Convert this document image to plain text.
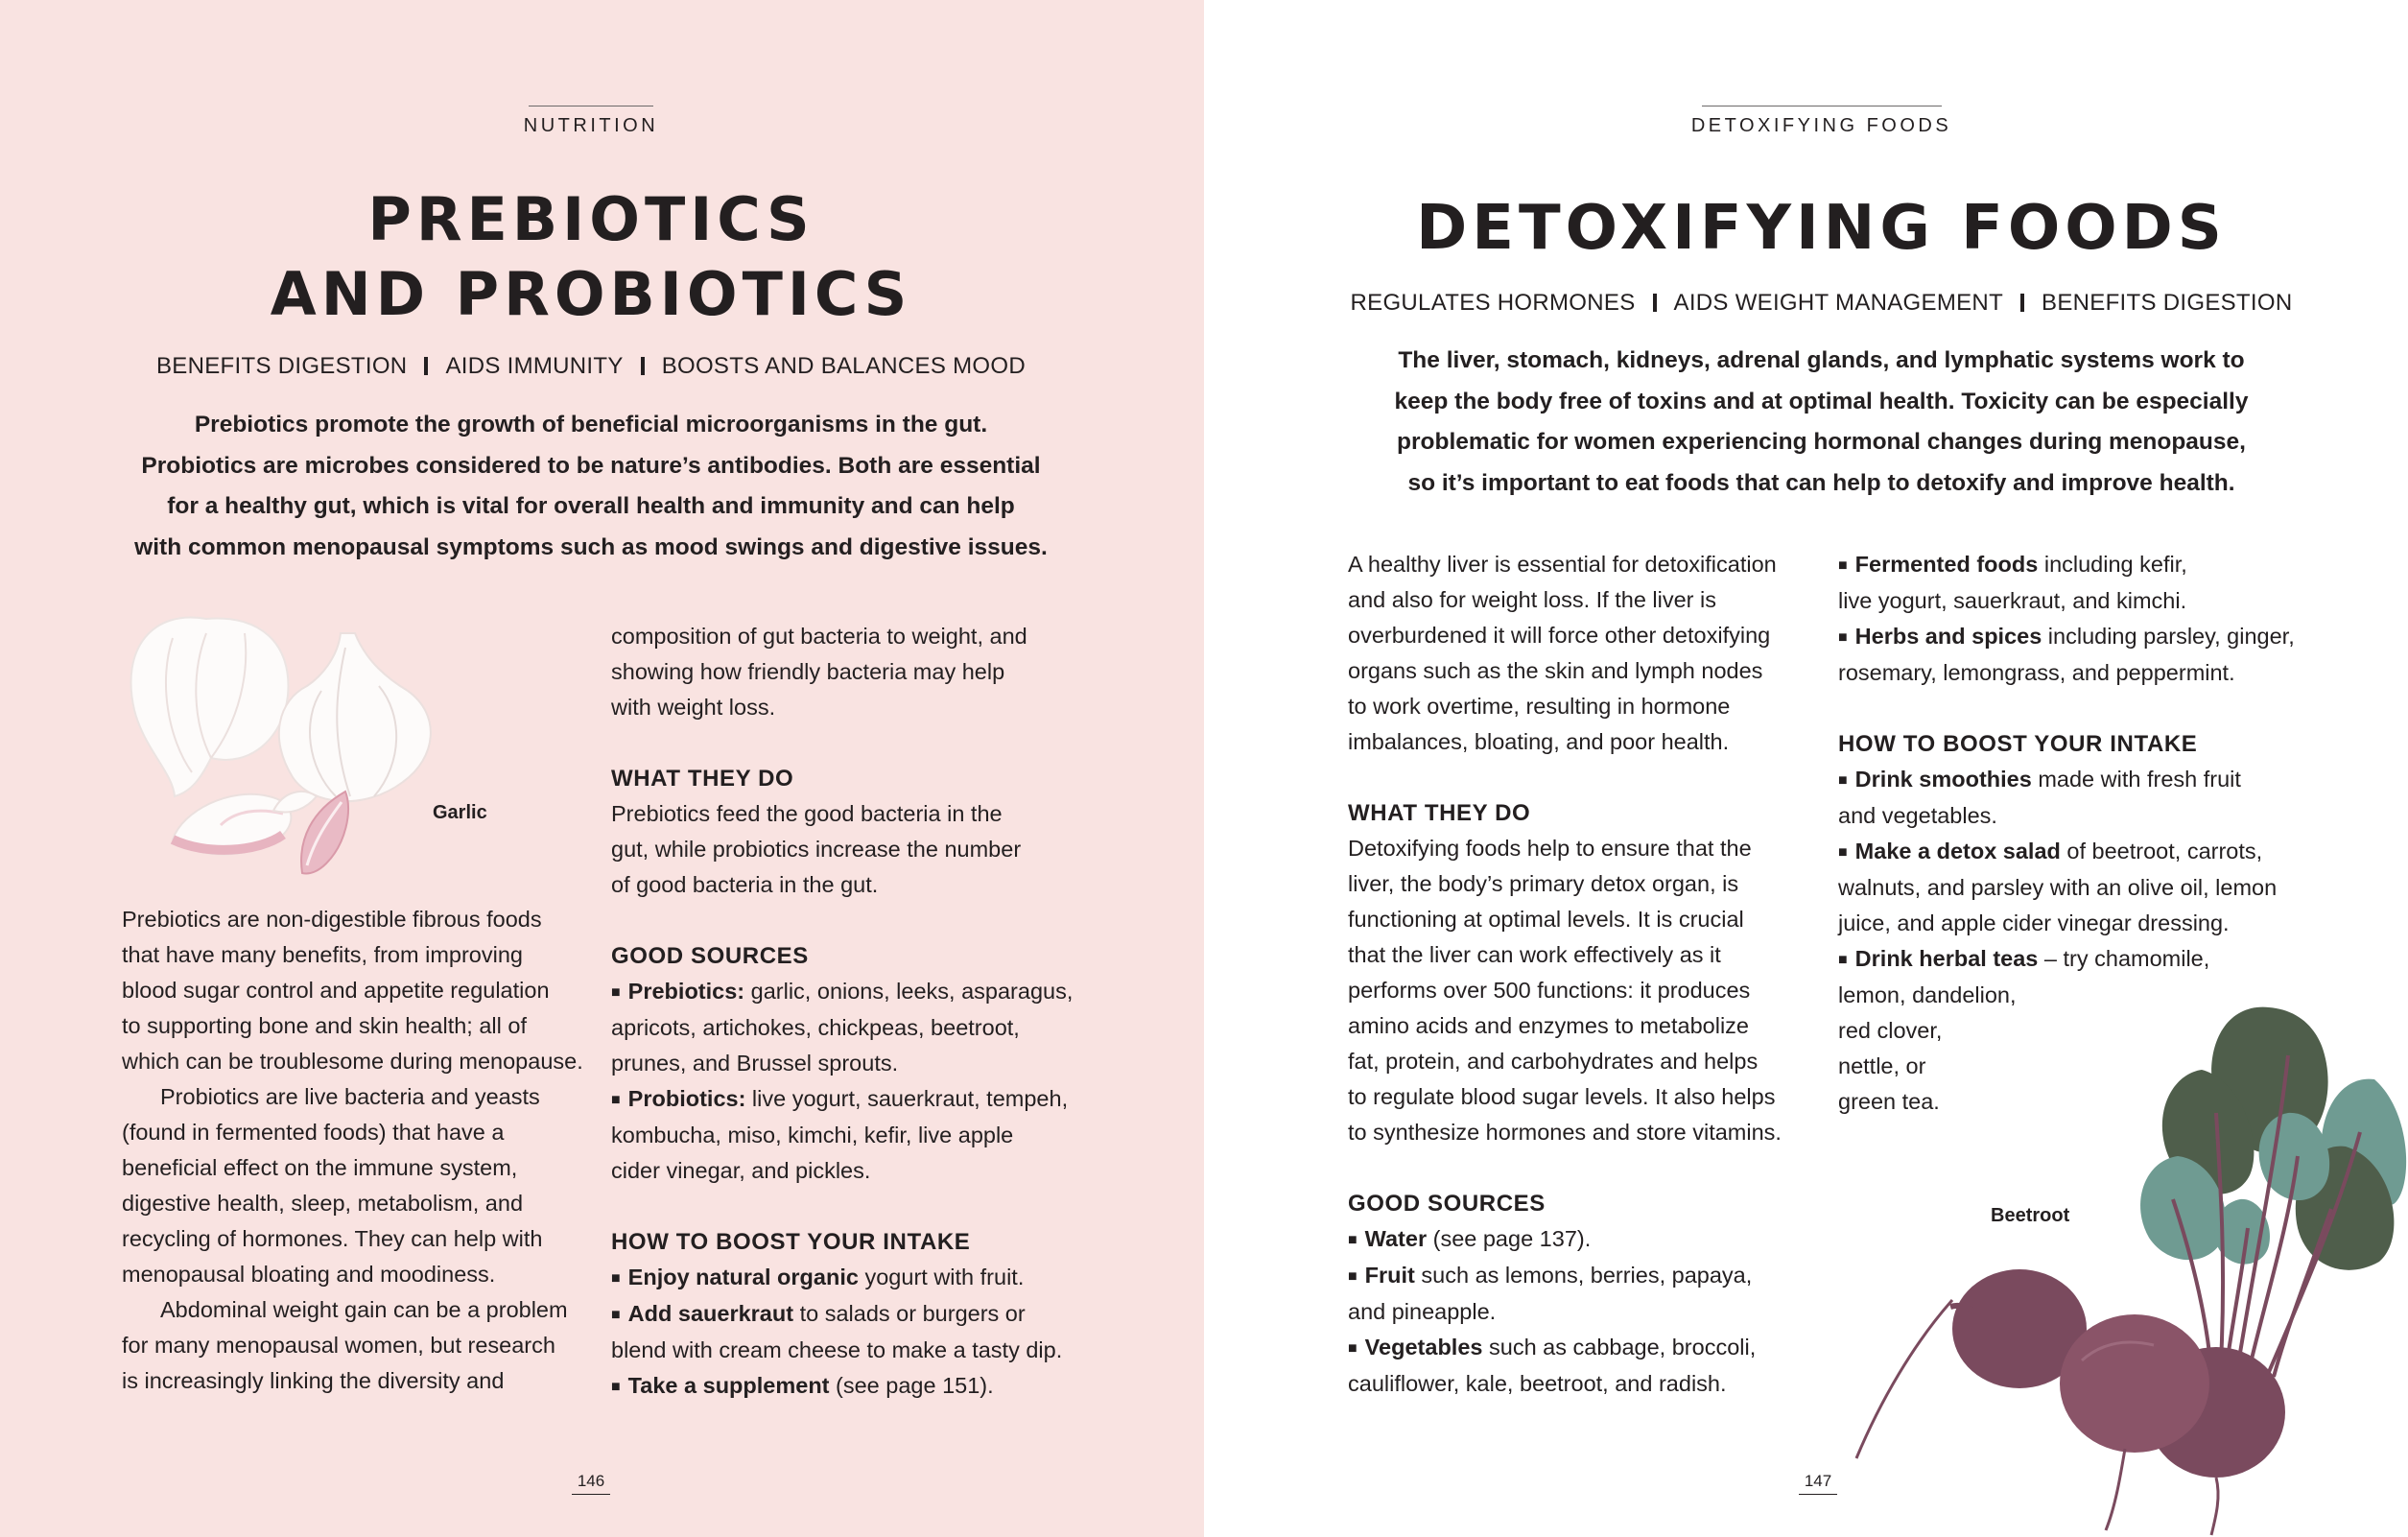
NUTRITION
PREBIOTICS
AND PROBIOTICS
BENEFITS DIGESTION AIDS IMMUNITY BOOSTS AND BALANCES MOOD

Prebiotics promote the growth of beneficial microorganisms in the gut.
Probiotics are microbes considered to be nature’s antibodies. Both are essential
for a healthy gut, which is vital for overall health and immunity and can help
with common menopausal symptoms such as mood swings and digestive issues.

Garlic

Prebiotics are non-digestible fibrous foods
that have many benefits, from improving
blood sugar control and appetite regulation
to supporting bone and skin health; all of
which can be troublesome during menopause.

Probiotics are live bacteria and yeasts
(found in fermented foods) that have a
beneficial effect on the immune system,
digestive health, sleep, metabolism, and
recycling of hormones. They can help with
menopausal bloating and moodiness.

Abdominal weight gain can be a problem
for many menopausal women, but research
is increasingly linking the diversity and

composition of gut bacteria to weight, and
showing how friendly bacteria may help
with weight loss.

WHAT THEY DO

Prebiotics feed the good bacteria in the
gut, while probiotics increase the number
of good bacteria in the gut.

GOOD SOURCES

■ Prebiotics: garlic, onions, leeks, asparagus,

apricots, artichokes, chickpeas, beetroot,
prunes, and Brussel sprouts.

■ Probiotics: live yogurt, sauerkraut, tempeh,

kombucha, miso, kimchi, kefir, live apple
cider vinegar, and pickles.

HOW TO BOOST YOUR INTAKE

■ Enjoy natural organic yogurt with fruit.

■ Add sauerkraut to salads or burgers or

blend with cream cheese to make a tasty dip.

■ Take a supplement (see page 151).

146
DETOXIFYING FOODS
DETOXIFYING FOODS
REGULATES HORMONES AIDS WEIGHT MANAGEMENT BENEFITS DIGESTION

The liver, stomach, kidneys, adrenal glands, and lymphatic systems work to
keep the body free of toxins and at optimal health. Toxicity can be especially
problematic for women experiencing hormonal changes during menopause,
so it’s important to eat foods that can help to detoxify and improve health.

A healthy liver is essential for detoxification
and also for weight loss. If the liver is
overburdened it will force other detoxifying
organs such as the skin and lymph nodes
to work overtime, resulting in hormone
imbalances, bloating, and poor health.

WHAT THEY DO

Detoxifying foods help to ensure that the
liver, the body’s primary detox organ, is
functioning at optimal levels. It is crucial
that the liver can work effectively as it
performs over 500 functions: it produces
amino acids and enzymes to metabolize
fat, protein, and carbohydrates and helps
to regulate blood sugar levels. It also helps
to synthesize hormones and store vitamins.

GOOD SOURCES

■ Water (see page 137).

■ Fruit such as lemons, berries, papaya,

and pineapple.

■ Vegetables such as cabbage, broccoli,

cauliflower, kale, beetroot, and radish.

■ Fermented foods including kefir,

live yogurt, sauerkraut, and kimchi.

■ Herbs and spices including parsley, ginger,

rosemary, lemongrass, and peppermint.

HOW TO BOOST YOUR INTAKE

■ Drink smoothies made with fresh fruit

and vegetables.

■ Make a detox salad of beetroot, carrots,

walnuts, and parsley with an olive oil, lemon
juice, and apple cider vinegar dressing.

■ Drink herbal teas – try chamomile,

lemon, dandelion,
red clover,
nettle, or
green tea.

Beetroot
147
